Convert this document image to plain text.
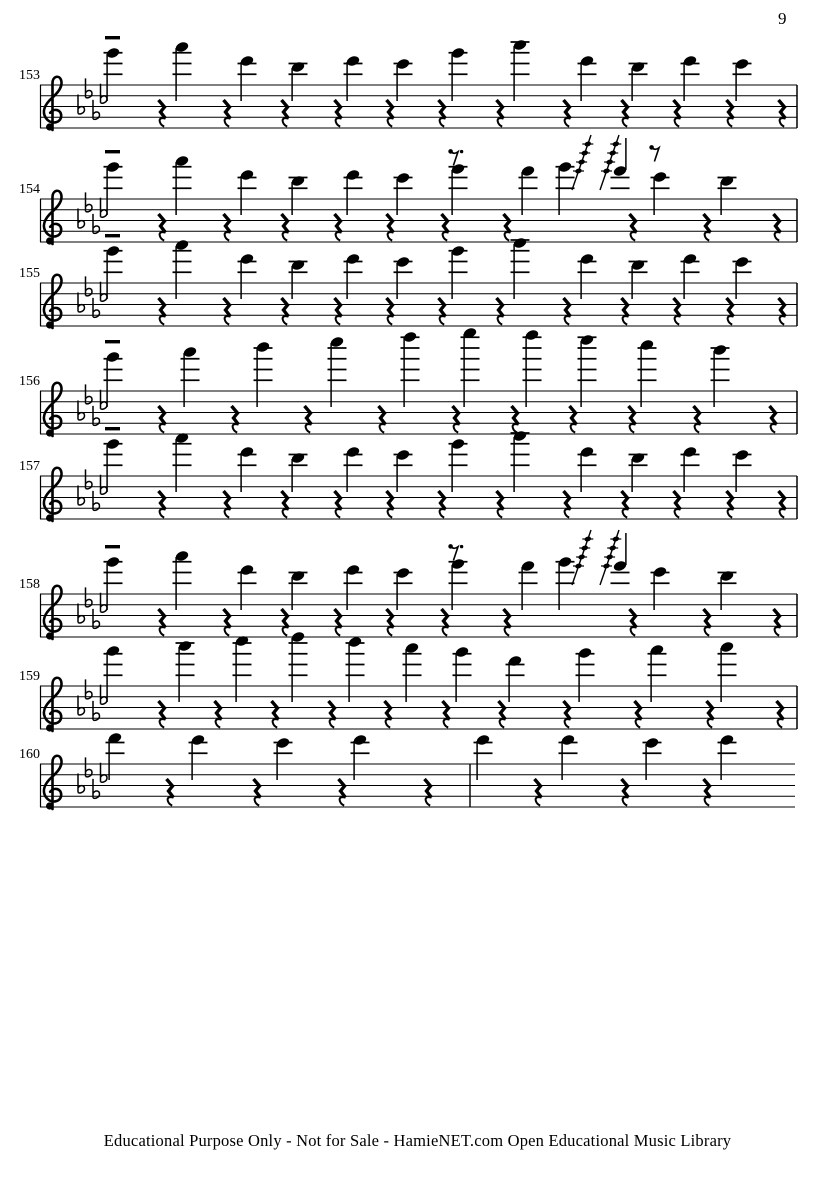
153
154
155
156
157
158
159
160
9
Educational Purpose Only - Not for Sale - HamieNET.com Open Educational Music Library
